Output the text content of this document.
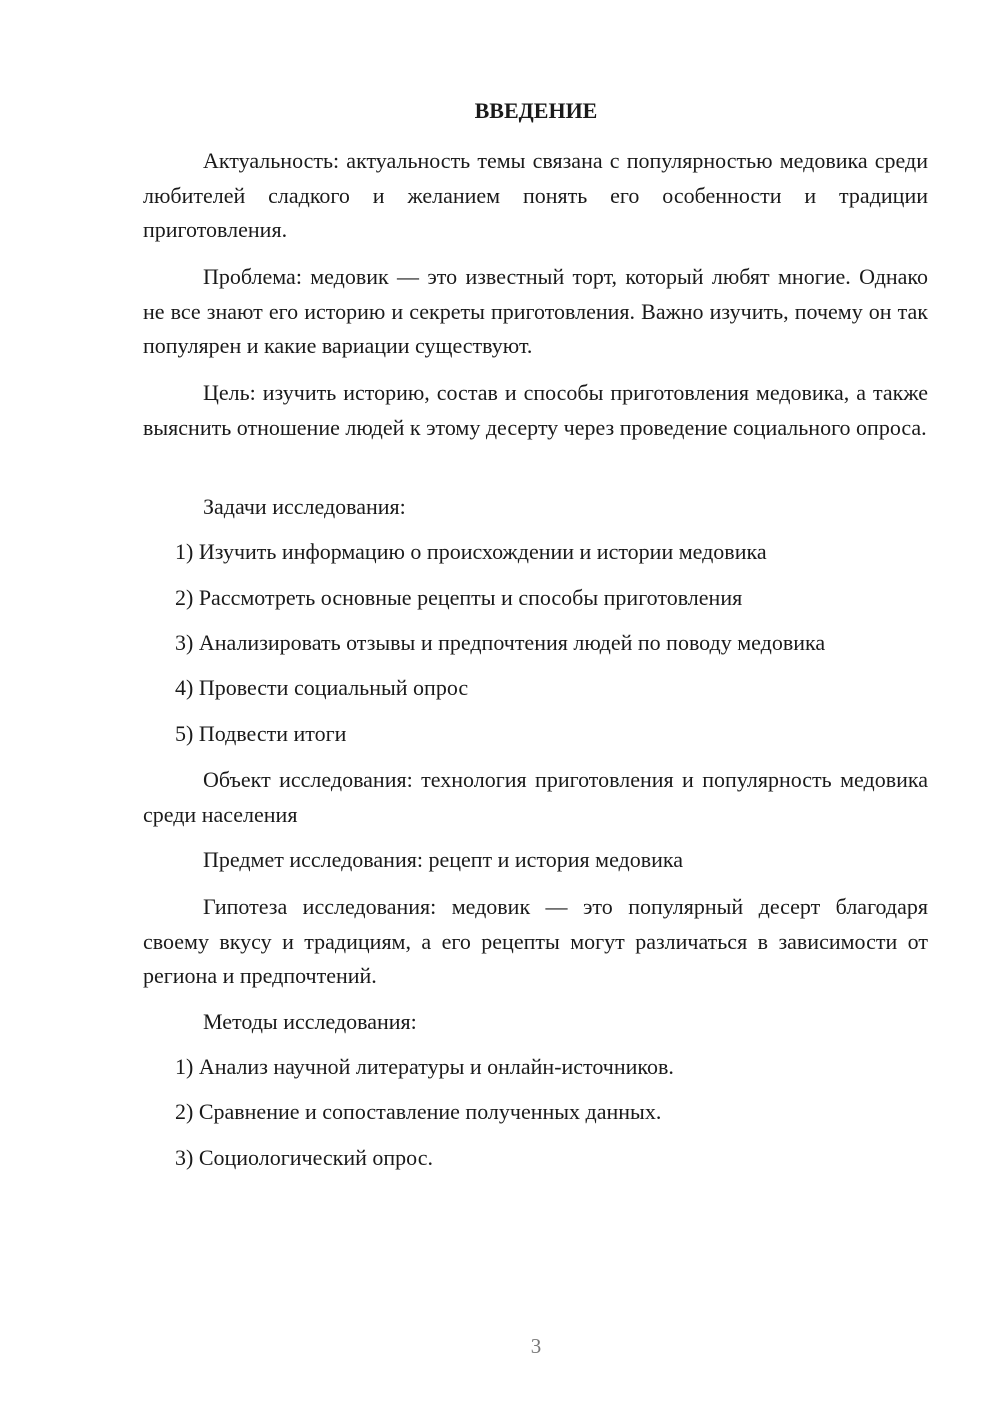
ВВЕДЕНИЕ

Актуальность: актуальность темы связана с популярностью медовика среди любителей сладкого и желанием понять его особенности и традиции приготовления.

Проблема: медовик — это известный торт, который любят многие. Однако не все знают его историю и секреты приготовления. Важно изучить, почему он так популярен и какие вариации существуют.

Цель: изучить историю, состав и способы приготовления медовика, а также выяснить отношение людей к этому десерту через проведение социального опроса.

Задачи исследования:
1) Изучить информацию о происхождении и истории медовика
2) Рассмотреть основные рецепты и способы приготовления
3) Анализировать отзывы и предпочтения людей по поводу медовика
4) Провести социальный опрос
5) Подвести итоги

Объект исследования: технология приготовления и популярность медовика среди населения

Предмет исследования: рецепт и история медовика

Гипотеза исследования: медовик — это популярный десерт благодаря своему вкусу и традициям, а его рецепты могут различаться в зависимости от региона и предпочтений.

Методы исследования:
1) Анализ научной литературы и онлайн-источников.
2) Сравнение и сопоставление полученных данных.
3) Социологический опрос.
3
